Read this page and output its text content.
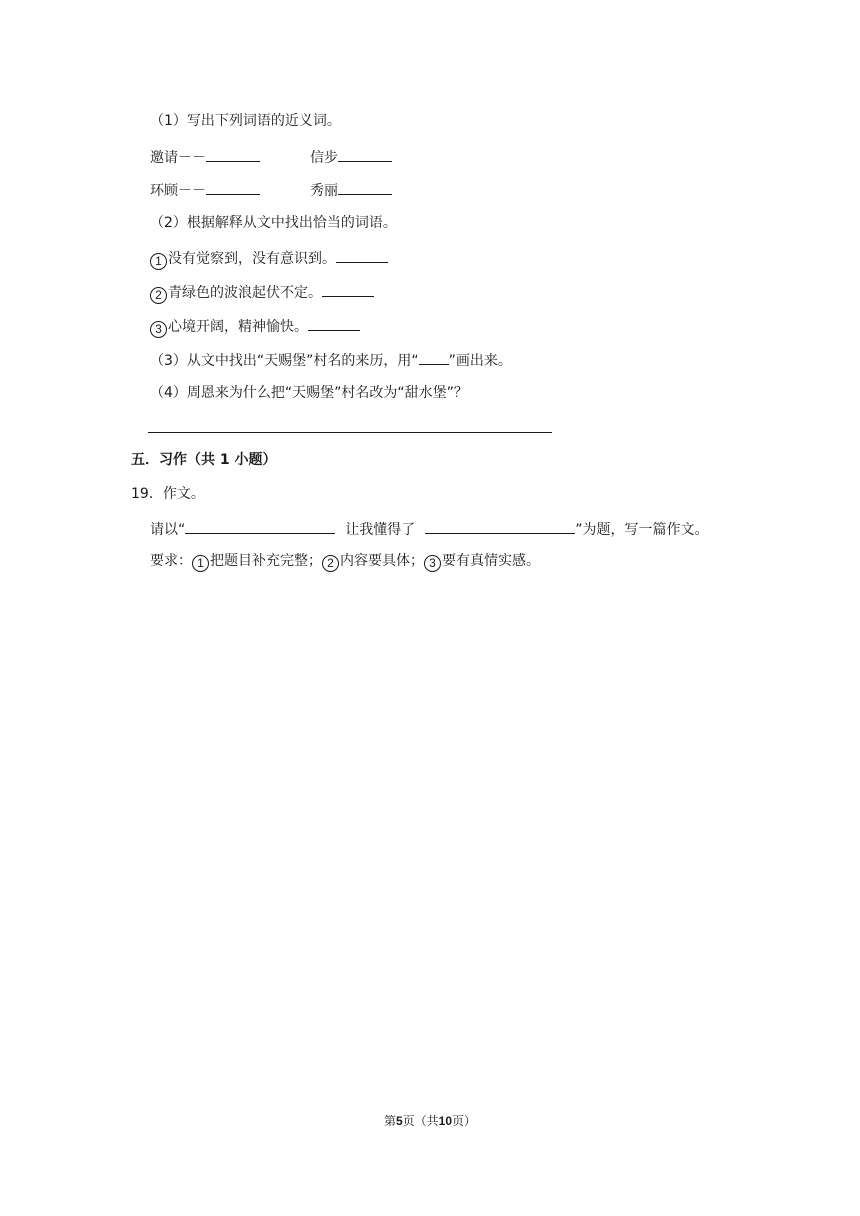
（1）写出下列词语的近义词。
邀请－－	信步
环顾－－	秀丽
（2）根据解释从文中找出恰当的词语。
1 没有觉察到，没有意识到。
2 青绿色的波浪起伏不定。
3 心境开阔，精神愉快。
（3）从文中找出“天赐堡”村名的来历，用“ ”画出来。
（4）周恩来为什么把“天赐堡”村名改为“甜水堡”？
五．习作（共 1 小题）
19．作文。
请以“	让我懂得了	”为题，写一篇作文。
要求： 1 把题目补充完整； 2 内容要具体； 3 要有真情实感。
第5页（共10页）
